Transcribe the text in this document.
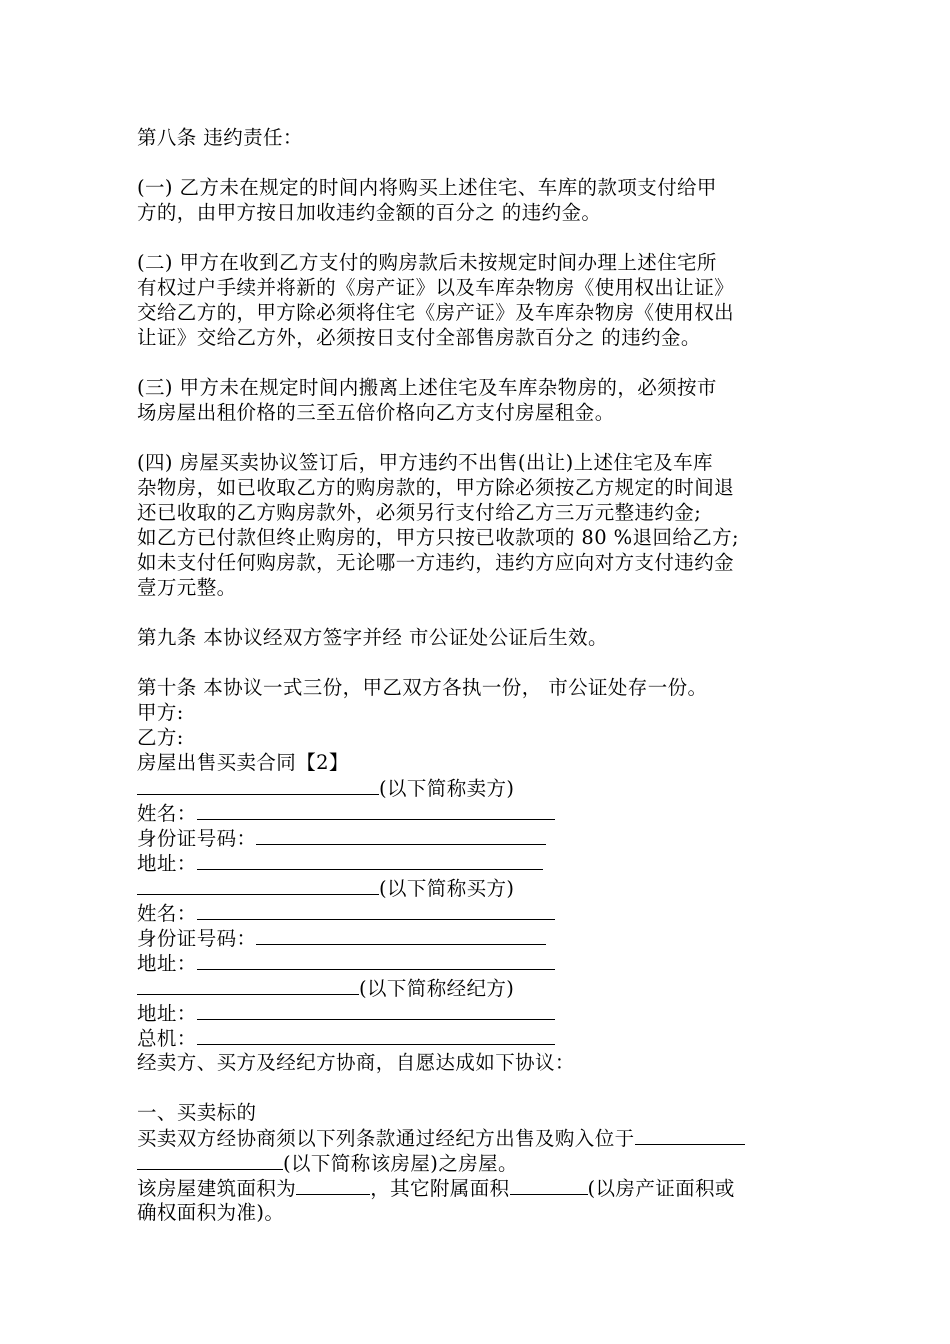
第八条 违约责任：
(一) 乙方未在规定的时间内将购买上述住宅、车库的款项支付给甲
方的，由甲方按日加收违约金额的百分之 的违约金。
(二) 甲方在收到乙方支付的购房款后未按规定时间办理上述住宅所
有权过户手续并将新的《房产证》以及车库杂物房《使用权出让证》
交给乙方的，甲方除必须将住宅《房产证》及车库杂物房《使用权出
让证》交给乙方外，必须按日支付全部售房款百分之 的违约金。
(三) 甲方未在规定时间内搬离上述住宅及车库杂物房的，必须按市
场房屋出租价格的三至五倍价格向乙方支付房屋租金。
(四) 房屋买卖协议签订后，甲方违约不出售(出让)上述住宅及车库
杂物房，如已收取乙方的购房款的，甲方除必须按乙方规定的时间退
还已收取的乙方购房款外，必须另行支付给乙方三万元整违约金;
如乙方已付款但终止购房的，甲方只按已收款项的 80 %退回给乙方;
如未支付任何购房款，无论哪一方违约，违约方应向对方支付违约金
壹万元整。
第九条 本协议经双方签字并经 市公证处公证后生效。
第十条 本协议一式三份，甲乙双方各执一份， 市公证处存一份。
甲方:
乙方:
房屋出售买卖合同【2】
(以下简称卖方)
姓名：
身份证号码：
地址：
(以下简称买方)
姓名：
身份证号码：
地址：
(以下简称经纪方)
地址：
总机：
经卖方、买方及经纪方协商，自愿达成如下协议：
一、买卖标的
买卖双方经协商须以下列条款通过经纪方出售及购入位于
(以下简称该房屋)之房屋。
该房屋建筑面积为	，其它附属面积	(以房产证面积或
确权面积为准)。
